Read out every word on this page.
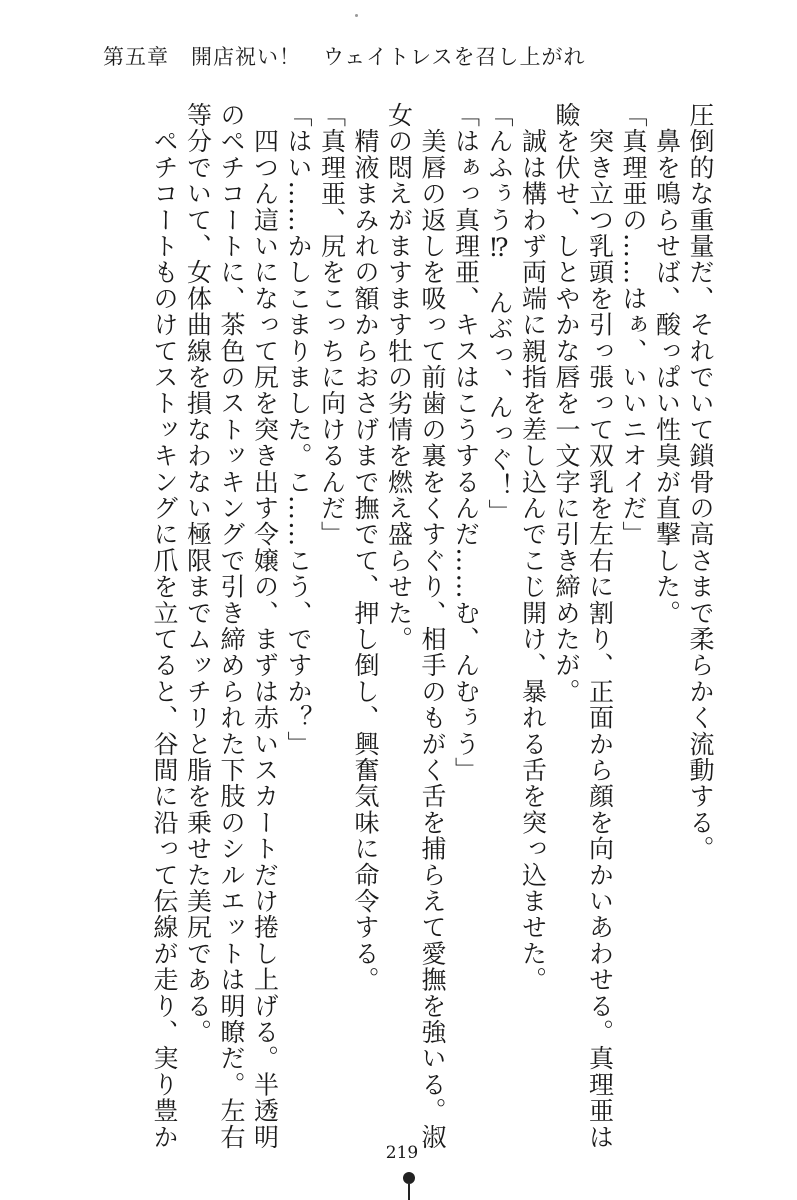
第五章　開店祝い！　ウェイトレスを召し上がれ
圧倒的な重量だ、それでいて鎖骨の高さまで柔らかく流動する。
　鼻を鳴らせば、酸っぱい性臭が直撃した。
「真理亜の……はぁ、いいニオイだ」
　突き立つ乳頭を引っ張って双乳を左右に割り、正面から顔を向かいあわせる。真理亜は
瞼を伏せ、しとやかな唇を一文字に引き締めたが。
　誠は構わず両端に親指を差し込んでこじ開け、暴れる舌を突っ込ませた。
「んふぅう⁉　んぶっ、んっぐ！」
「はぁっ真理亜、キスはこうするんだ……む、んむぅう」
　美唇の返しを吸って前歯の裏をくすぐり、相手のもがく舌を捕らえて愛撫を強いる。淑
女の悶えがますます牡の劣情を燃え盛らせた。
　精液まみれの額からおさげまで撫でて、押し倒し、興奮気味に命令する。
「真理亜、尻をこっちに向けるんだ」
「はい……かしこまりました。こ……こう、ですか？」
　四つん這いになって尻を突き出す令嬢の、まずは赤いスカートだけ捲し上げる。半透明
のペチコートに、茶色のストッキングで引き締められた下肢のシルエットは明瞭だ。左右
等分でいて、女体曲線を損なわない極限までムッチリと脂を乗せた美尻である。
　ペチコートものけてストッキングに爪を立てると、谷間に沿って伝線が走り、実り豊か
219
